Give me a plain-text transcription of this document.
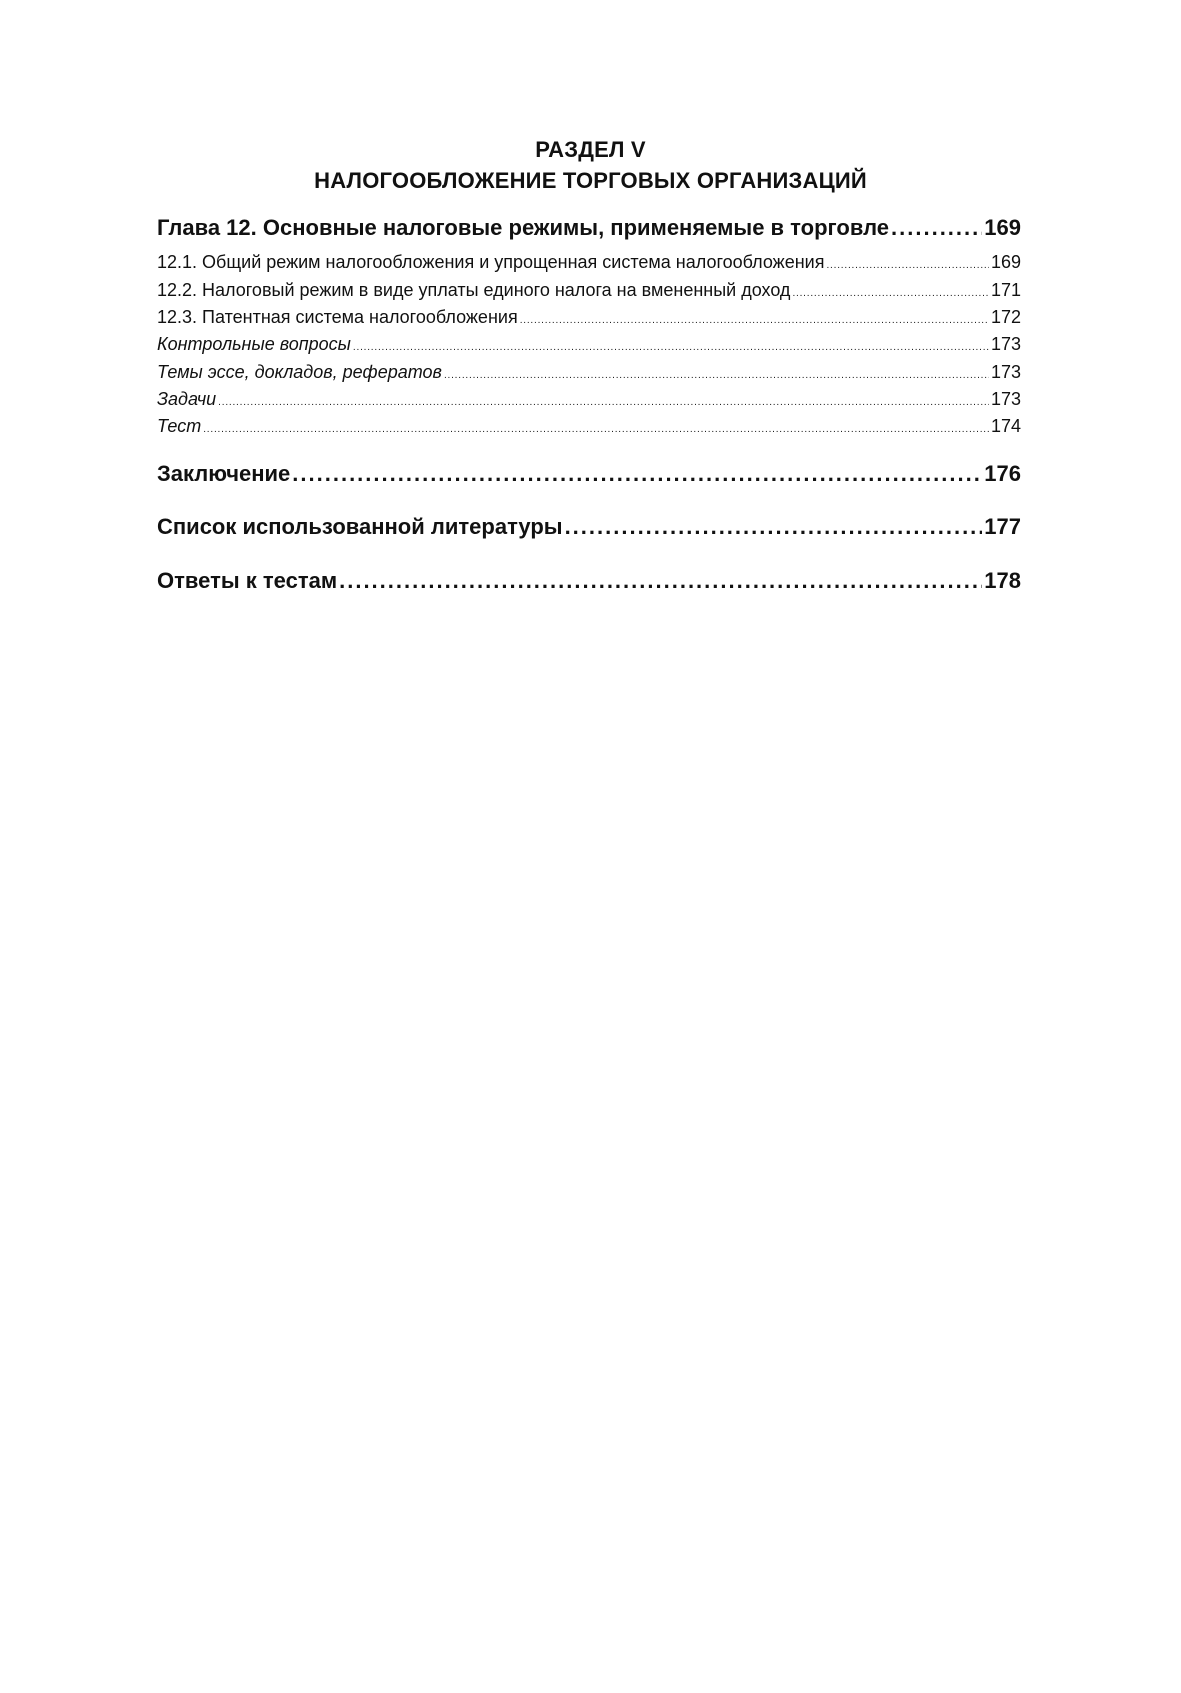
РАЗДЕЛ V
НАЛОГООБЛОЖЕНИЕ ТОРГОВЫХ ОРГАНИЗАЦИЙ
Глава 12. Основные налоговые режимы, применяемые в торговле .....	169
12.1. Общий режим налогообложения и упрощенная система налогообложения .....	169
12.2. Налоговый режим в виде уплаты единого налога на вмененный доход .....	171
12.3. Патентная система налогообложения .....	172
Контрольные вопросы .....	173
Темы эссе, докладов, рефератов .....	173
Задачи .....	173
Тест .....	174
Заключение .....	176
Список использованной литературы .....	177
Ответы к тестам .....	178
